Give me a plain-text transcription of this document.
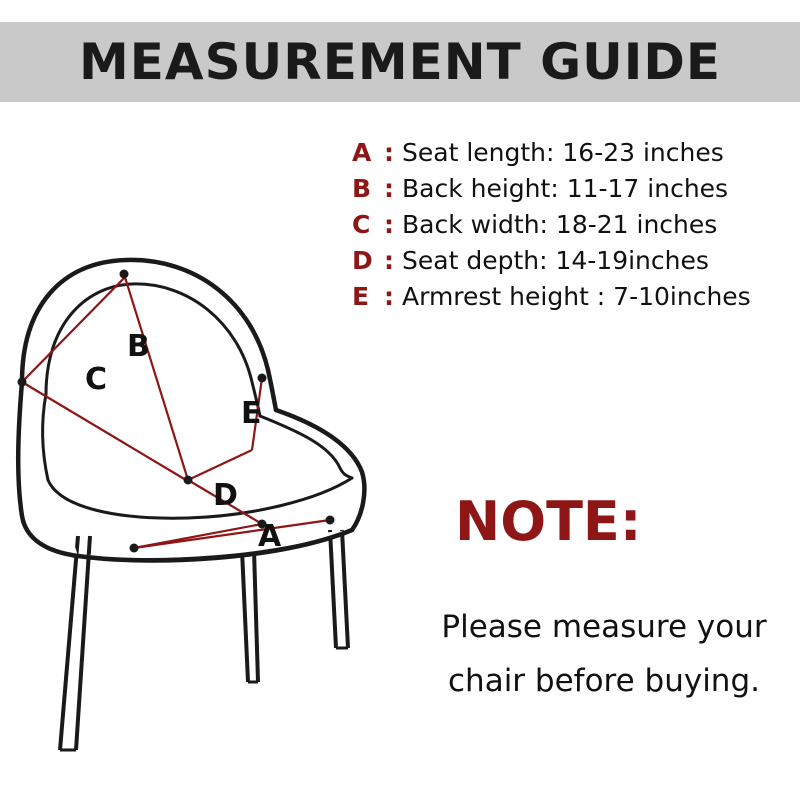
MEASUREMENT GUIDE
A : Seat length: 16-23 inches
B : Back height: 11-17 inches
C : Back width: 18-21 inches
D : Seat depth: 14-19inches
E : Armrest height : 7-10inches
NOTE:
Please measure your chair before buying.
A
B
C
D
E
